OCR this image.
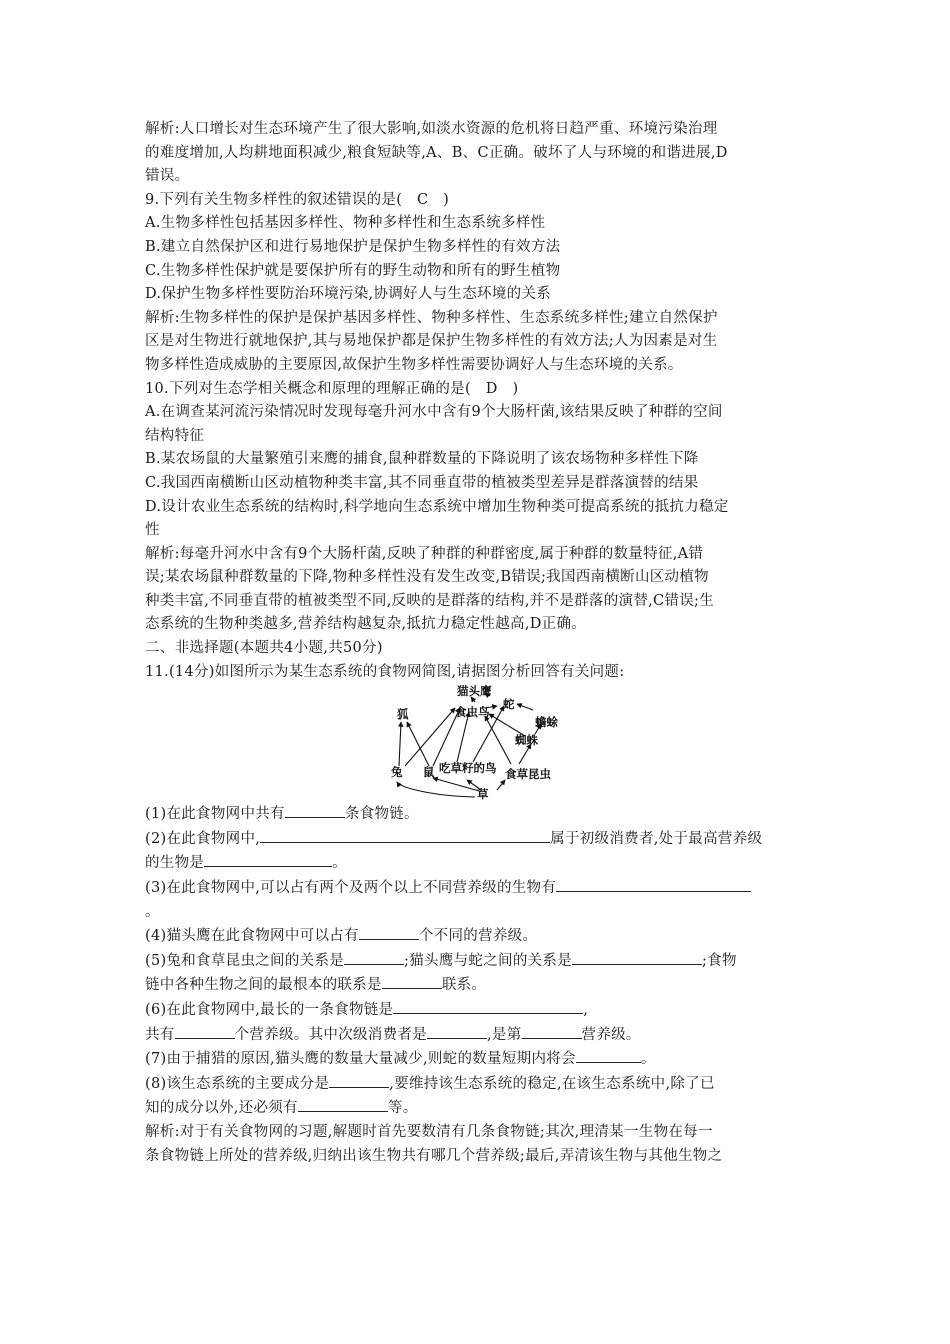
解析:人口增长对生态环境产生了很大影响,如淡水资源的危机将日趋严重、环境污染治理
的难度增加,人均耕地面积减少,粮食短缺等,A、B、C正确。破坏了人与环境的和谐进展,D
错误。
9.下列有关生物多样性的叙述错误的是(　C　)
A.生物多样性包括基因多样性、物种多样性和生态系统多样性
B.建立自然保护区和进行易地保护是保护生物多样性的有效方法
C.生物多样性保护就是要保护所有的野生动物和所有的野生植物
D.保护生物多样性要防治环境污染,协调好人与生态环境的关系
解析:生物多样性的保护是保护基因多样性、物种多样性、生态系统多样性;建立自然保护
区是对生物进行就地保护,其与易地保护都是保护生物多样性的有效方法;人为因素是对生
物多样性造成威胁的主要原因,故保护生物多样性需要协调好人与生态环境的关系。
10.下列对生态学相关概念和原理的理解正确的是(　D　)
A.在调查某河流污染情况时发现每毫升河水中含有9个大肠杆菌,该结果反映了种群的空间
结构特征
B.某农场鼠的大量繁殖引来鹰的捕食,鼠种群数量的下降说明了该农场物种多样性下降
C.我国西南横断山区动植物种类丰富,其不同垂直带的植被类型差异是群落演替的结果
D.设计农业生态系统的结构时,科学地向生态系统中增加生物种类可提高系统的抵抗力稳定
性
解析:每毫升河水中含有9个大肠杆菌,反映了种群的种群密度,属于种群的数量特征,A错
误;某农场鼠种群数量的下降,物种多样性没有发生改变,B错误;我国西南横断山区动植物
种类丰富,不同垂直带的植被类型不同,反映的是群落的结构,并不是群落的演替,C错误;生
态系统的生物种类越多,营养结构越复杂,抵抗力稳定性越高,D正确。
二、非选择题(本题共4小题,共50分)
11.(14分)如图所示为某生态系统的食物网简图,请据图分析回答有关问题:
猫头鹰
蛇
狐	食虫鸟
蟾蜍
蜘蛛
兔 鼠 吃草籽的鸟 食草昆虫
草
(1)在此食物网中共有	条食物链。
(2)在此食物网中,	属于初级消费者,处于最高营养级
的生物是	。
(3)在此食物网中,可以占有两个及两个以上不同营养级的生物有
。
(4)猫头鹰在此食物网中可以占有	个不同的营养级。
(5)兔和食草昆虫之间的关系是	;猫头鹰与蛇之间的关系是	;食物
链中各种生物之间的最根本的联系是	联系。
(6)在此食物网中,最长的一条食物链是	,
共有	个营养级。其中次级消费者是	,是第	营养级。
(7)由于捕猎的原因,猫头鹰的数量大量减少,则蛇的数量短期内将会	。
(8)该生态系统的主要成分是	,要维持该生态系统的稳定,在该生态系统中,除了已
知的成分以外,还必须有	等。
解析:对于有关食物网的习题,解题时首先要数清有几条食物链;其次,理清某一生物在每一
条食物链上所处的营养级,归纳出该生物共有哪几个营养级;最后,弄清该生物与其他生物之
